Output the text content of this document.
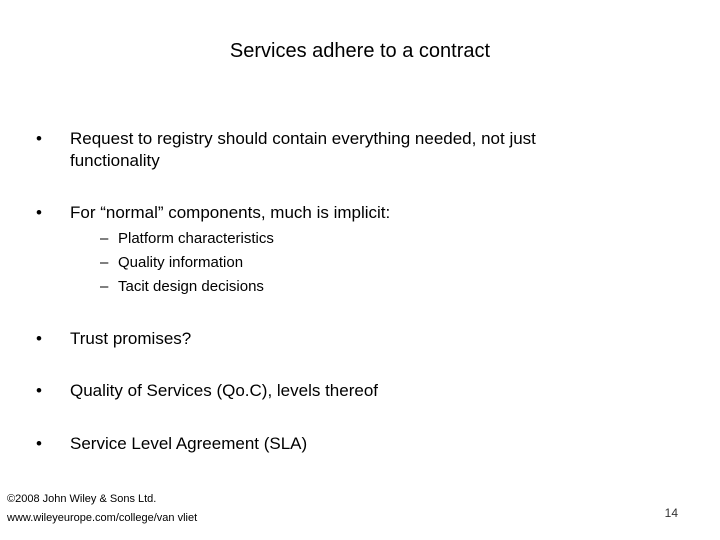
Services adhere to a contract
• Request to registry should contain everything needed, not just functionality
• For “normal” components, much is implicit:
– Platform characteristics
– Quality information
– Tacit design decisions
• Trust promises?
• Quality of Services (Qo.C), levels thereof
• Service Level Agreement (SLA)
©2008 John Wiley & Sons Ltd.
www.wileyeurope.com/college/van vliet	14
